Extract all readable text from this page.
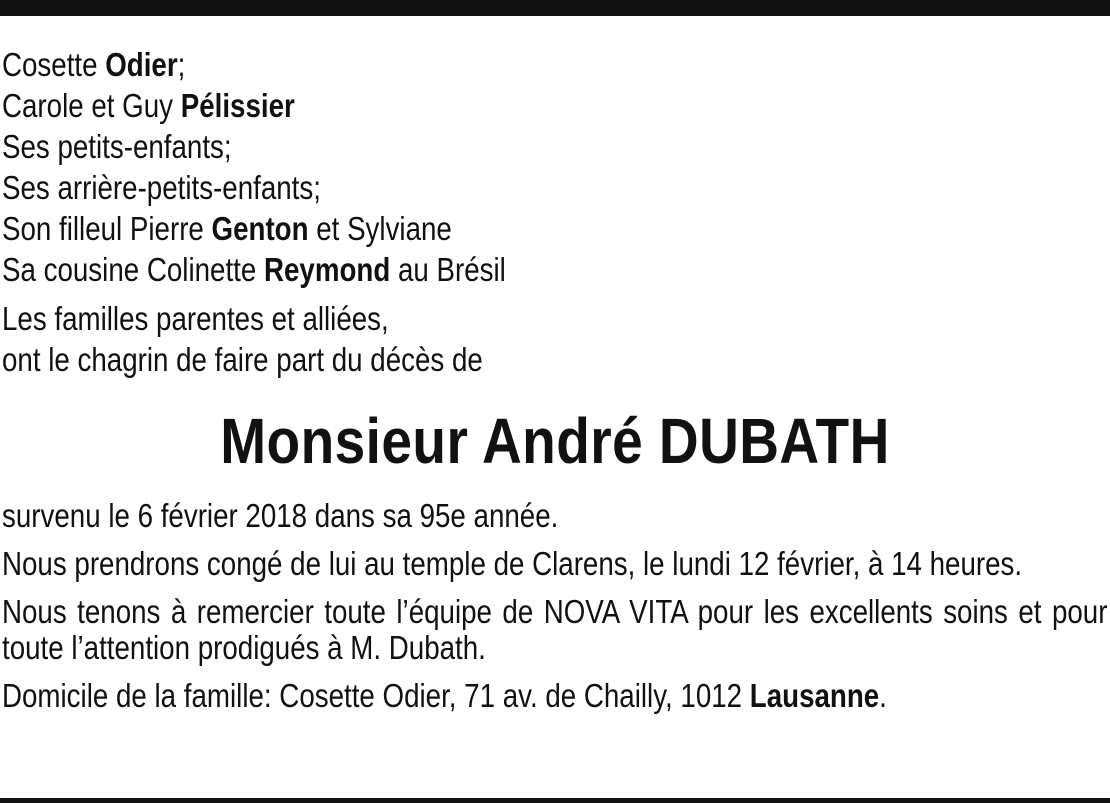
Cosette Odier;
Carole et Guy Pélissier
Ses petits-enfants;
Ses arrière-petits-enfants;
Son filleul Pierre Genton et Sylviane
Sa cousine Colinette Reymond au Brésil
Les familles parentes et alliées,
ont le chagrin de faire part du décès de
Monsieur André DUBATH
survenu le 6 février 2018 dans sa 95e année.
Nous prendrons congé de lui au temple de Clarens, le lundi 12 février, à 14 heures.
Nous tenons à remercier toute l’équipe de NOVA VITA pour les excellents soins et pour toute l’attention prodigués à M. Dubath.
Domicile de la famille: Cosette Odier, 71 av. de Chailly, 1012 Lausanne.
